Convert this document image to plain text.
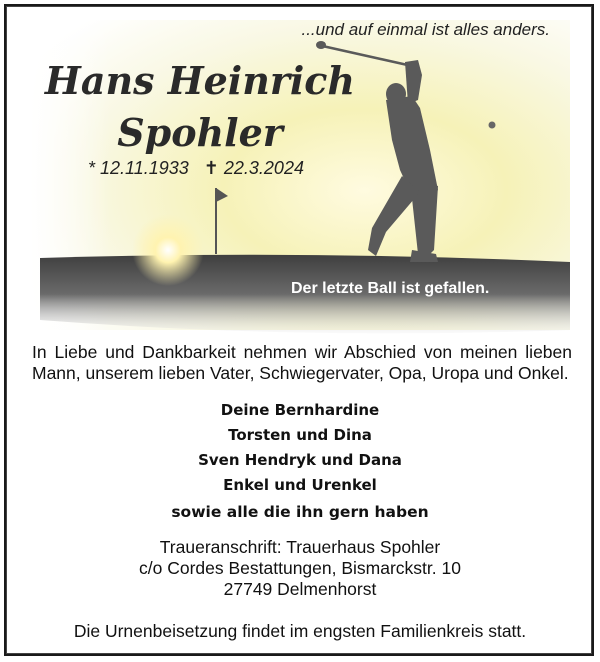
...und auf einmal ist alles anders.
Hans Heinrich
Spohler
* 12.11.1933 ✝ 22.3.2024
Der letzte Ball ist gefallen.
In Liebe und Dankbarkeit nehmen wir Abschied von meinen lieben Mann, unserem lieben Vater, Schwiegervater, Opa, Uropa und Onkel.
Deine Bernhardine
Torsten und Dina
Sven Hendryk und Dana
Enkel und Urenkel
sowie alle die ihn gern haben
Traueranschrift: Trauerhaus Spohler
c/o Cordes Bestattungen, Bismarckstr. 10
27749 Delmenhorst
Die Urnenbeisetzung findet im engsten Familienkreis statt.
